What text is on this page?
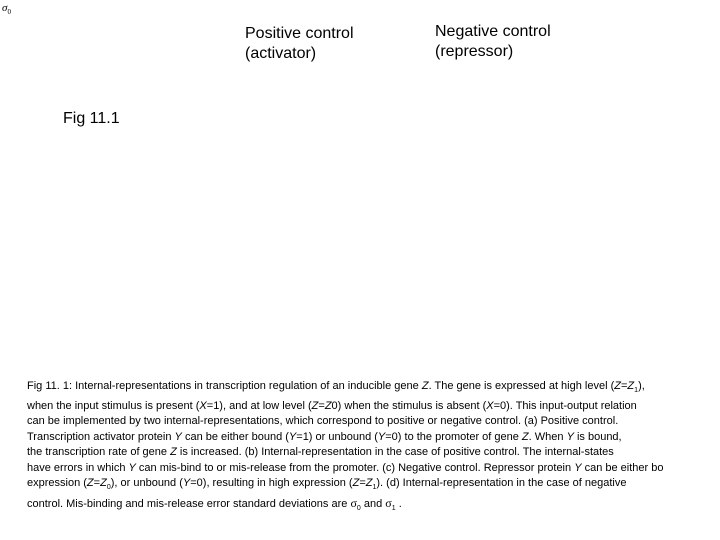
$\sigma_0$
Positive control
(activator)
Negative control
(repressor)
Fig 11.1
Fig 11. 1: Internal-representations in transcription regulation of an inducible gene Z. The gene is expressed at high level $(Z=Z_1)$,
when the input stimulus is present (X=1), and at low level (Z=Z0) when the stimulus is absent (X=0). This input-output relation
can be implemented by two internal-representations, which correspond to positive or negative control. (a) Positive control.
Transcription activator protein Y can be either bound (Y=1) or unbound (Y=0) to the promoter of gene Z. When Y is bound,
the transcription rate of gene Z is increased. (b) Internal-representation in the case of positive control. The internal-states
have errors in which Y can mis-bind to or mis-release from the promoter. (c) Negative control. Repressor protein Y can be either bo
expression $(Z=Z_0)$, or unbound (Y=0), resulting in high expression $(Z=Z_1)$. (d) Internal-representation in the case of negative
control. Mis-binding and mis-release error standard deviations are $\sigma_0$ and $\sigma_1$ .
